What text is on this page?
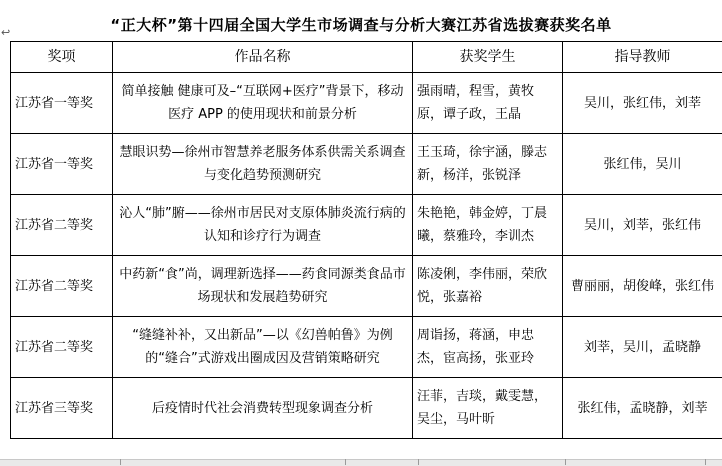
“正大杯”第十四届全国大学生市场调查与分析大赛江苏省选拔赛获奖名单
↩
奖项	作品名称	获奖学生	指导教师
江苏省一等奖	简单接触 健康可及–“互联网+医疗”背景下，移动医疗 APP 的使用现状和前景分析	强雨晴，程雪，黄牧原，谭子政，王晶	吴川，张红伟，刘莘
江苏省一等奖	慧眼识势—徐州市智慧养老服务体系供需关系调查与变化趋势预测研究	王玉琦，徐宇涵，滕志新，杨洋，张锐泽	张红伟，吴川
江苏省二等奖	沁人“肺”腑——徐州市居民对支原体肺炎流行病的认知和诊疗行为调查	朱艳艳，韩金婷，丁晨曦，蔡雅玲，李训杰	吴川，刘莘，张红伟
江苏省二等奖	中药新“食”尚，调理新选择——药食同源类食品市场现状和发展趋势研究	陈凌俐，李伟丽，荣欣悦，张嘉裕	曹丽丽，胡俊峰，张红伟
江苏省二等奖	“缝缝补补，又出新品”—以《幻兽帕鲁》为例的“缝合”式游戏出圈成因及营销策略研究	周诣扬，蒋涵，申忠杰，宦高扬，张亚玲	刘莘，吴川，孟晓静
江苏省三等奖	后疫情时代社会消费转型现象调查分析	汪菲，吉琰，戴雯慧，吴尘，马叶昕	张红伟，孟晓静，刘莘
